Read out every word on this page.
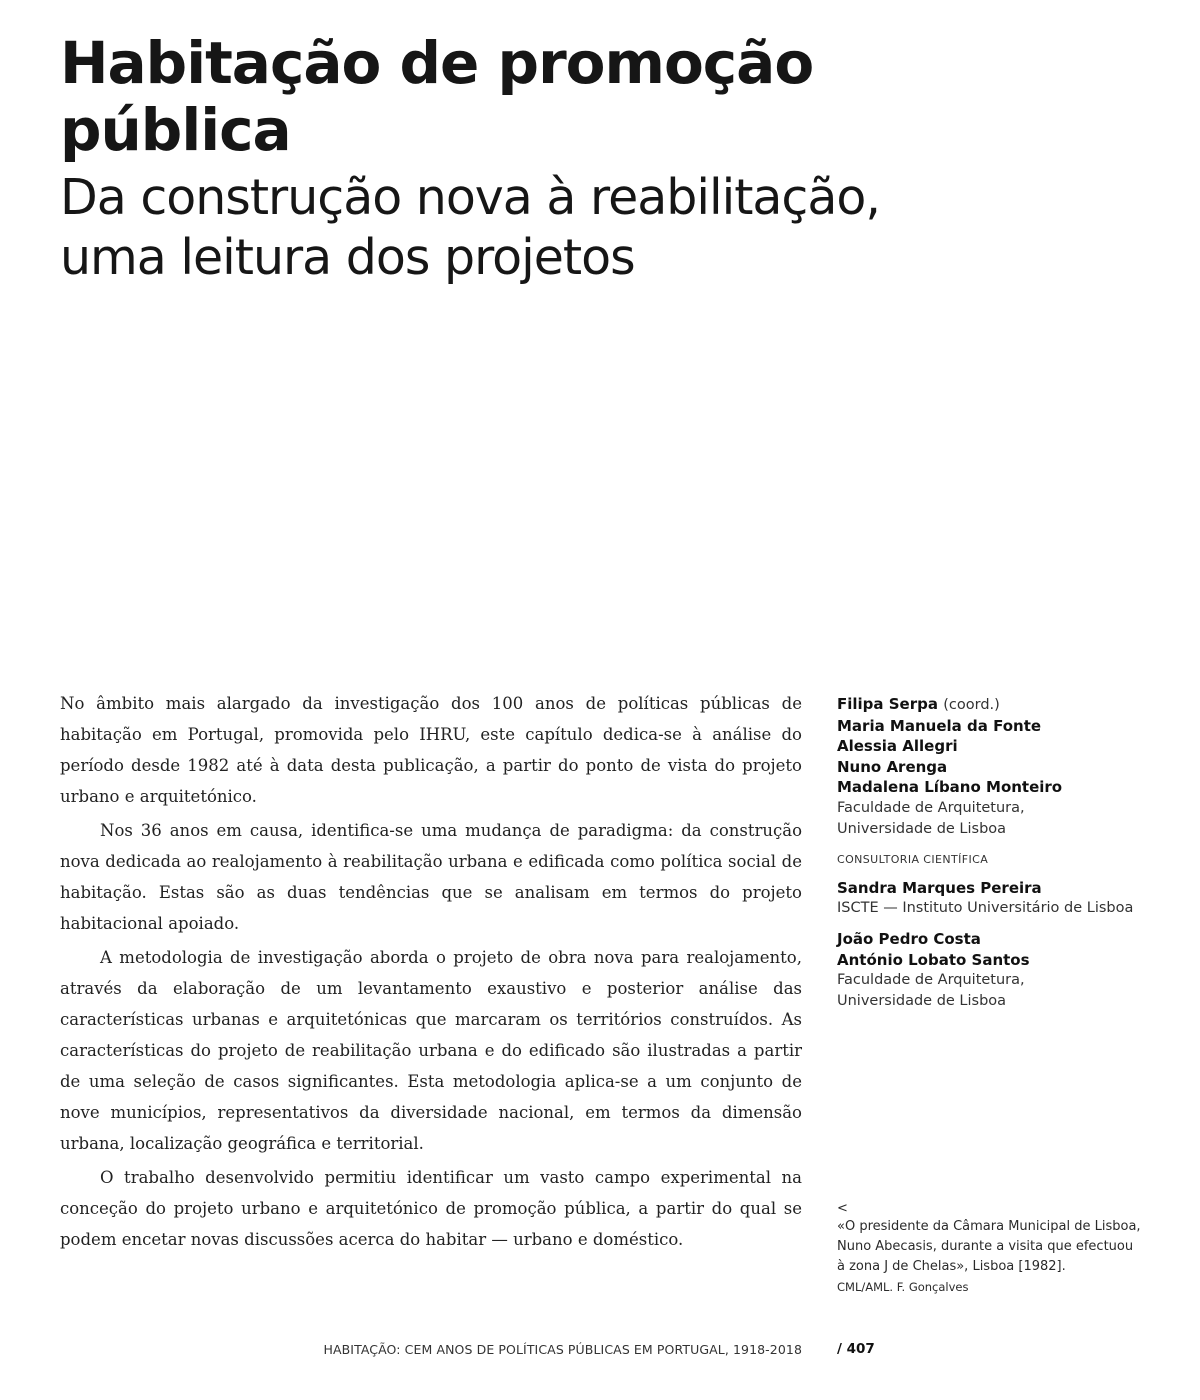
Habitação de promoção
pública
Da construção nova à reabilitação,
uma leitura dos projetos

No âmbito mais alargado da investigação dos 100 anos de políticas públicas de habitação em Portugal, promovida pelo IHRU, este capítulo dedica-se à análise do período desde 1982 até à data desta publicação, a partir do ponto de vista do projeto urbano e arquitetónico.

Nos 36 anos em causa, identifica-se uma mudança de paradigma: da construção nova dedicada ao realojamento à reabilitação urbana e edificada como política social de habitação. Estas são as duas tendências que se analisam em termos do projeto habitacional apoiado.

A metodologia de investigação aborda o projeto de obra nova para realojamento, através da elaboração de um levantamento exaustivo e posterior análise das características urbanas e arquitetónicas que marcaram os territórios construídos. As características do projeto de reabilitação urbana e do edificado são ilustradas a partir de uma seleção de casos significantes. Esta metodologia aplica-se a um conjunto de nove municípios, representativos da diversidade nacional, em termos da dimensão urbana, localização geográfica e territorial.

O trabalho desenvolvido permitiu identificar um vasto campo experimental na conceção do projeto urbano e arquitetónico de promoção pública, a partir do qual se podem encetar novas discussões acerca do habitar — urbano e doméstico.

Filipa Serpa (coord.)
Maria Manuela da Fonte
Alessia Allegri
Nuno Arenga
Madalena Líbano Monteiro
Faculdade de Arquitetura,
Universidade de Lisboa
CONSULTORIA CIENTÍFICA
Sandra Marques Pereira
ISCTE — Instituto Universitário de Lisboa
João Pedro Costa
António Lobato Santos
Faculdade de Arquitetura,
Universidade de Lisboa
<
«O presidente da Câmara Municipal de Lisboa,
Nuno Abecasis, durante a visita que efectuou
à zona J de Chelas», Lisboa [1982].
CML/AML. F. Gonçalves
HABITAÇÃO: CEM ANOS DE POLÍTICAS PÚBLICAS EM PORTUGAL, 1918-2018	/ 407
